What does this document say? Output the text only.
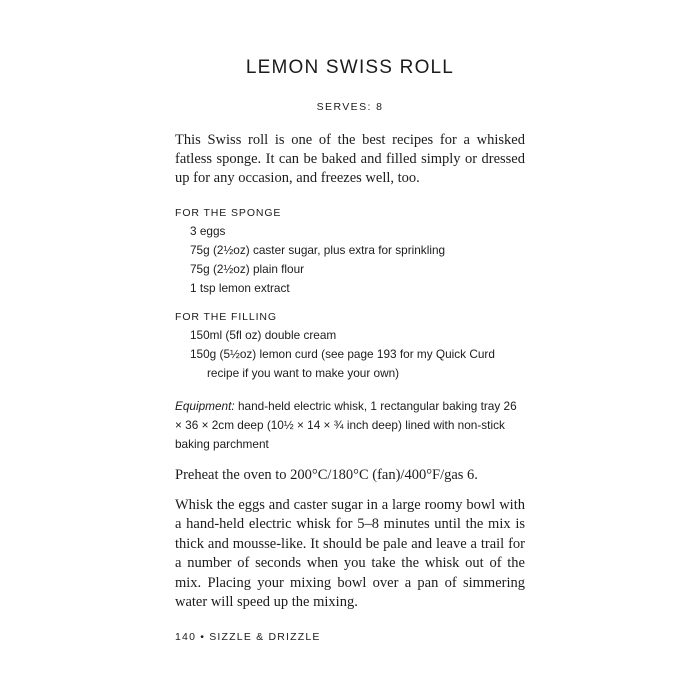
LEMON SWISS ROLL
SERVES: 8

This Swiss roll is one of the best recipes for a whisked fatless sponge. It can be baked and filled simply or dressed up for any occasion, and freezes well, too.

FOR THE SPONGE

3 eggs
75g (2½oz) caster sugar, plus extra for sprinkling
75g (2½oz) plain flour
1 tsp lemon extract

FOR THE FILLING

150ml (5fl oz) double cream
150g (5½oz) lemon curd (see page 193 for my Quick Curd
recipe if you want to make your own)

Equipment: hand-held electric whisk, 1 rectangular baking tray 26 × 36 × 2cm deep (10½ × 14 × ¾ inch deep) lined with non-stick baking parchment

Preheat the oven to 200°C/180°C (fan)/400°F/gas 6.

Whisk the eggs and caster sugar in a large roomy bowl with a hand-held electric whisk for 5–8 minutes until the mix is thick and mousse-like. It should be pale and leave a trail for a number of seconds when you take the whisk out of the mix. Placing your mixing bowl over a pan of simmering water will speed up the mixing.

140 • SIZZLE & DRIZZLE
